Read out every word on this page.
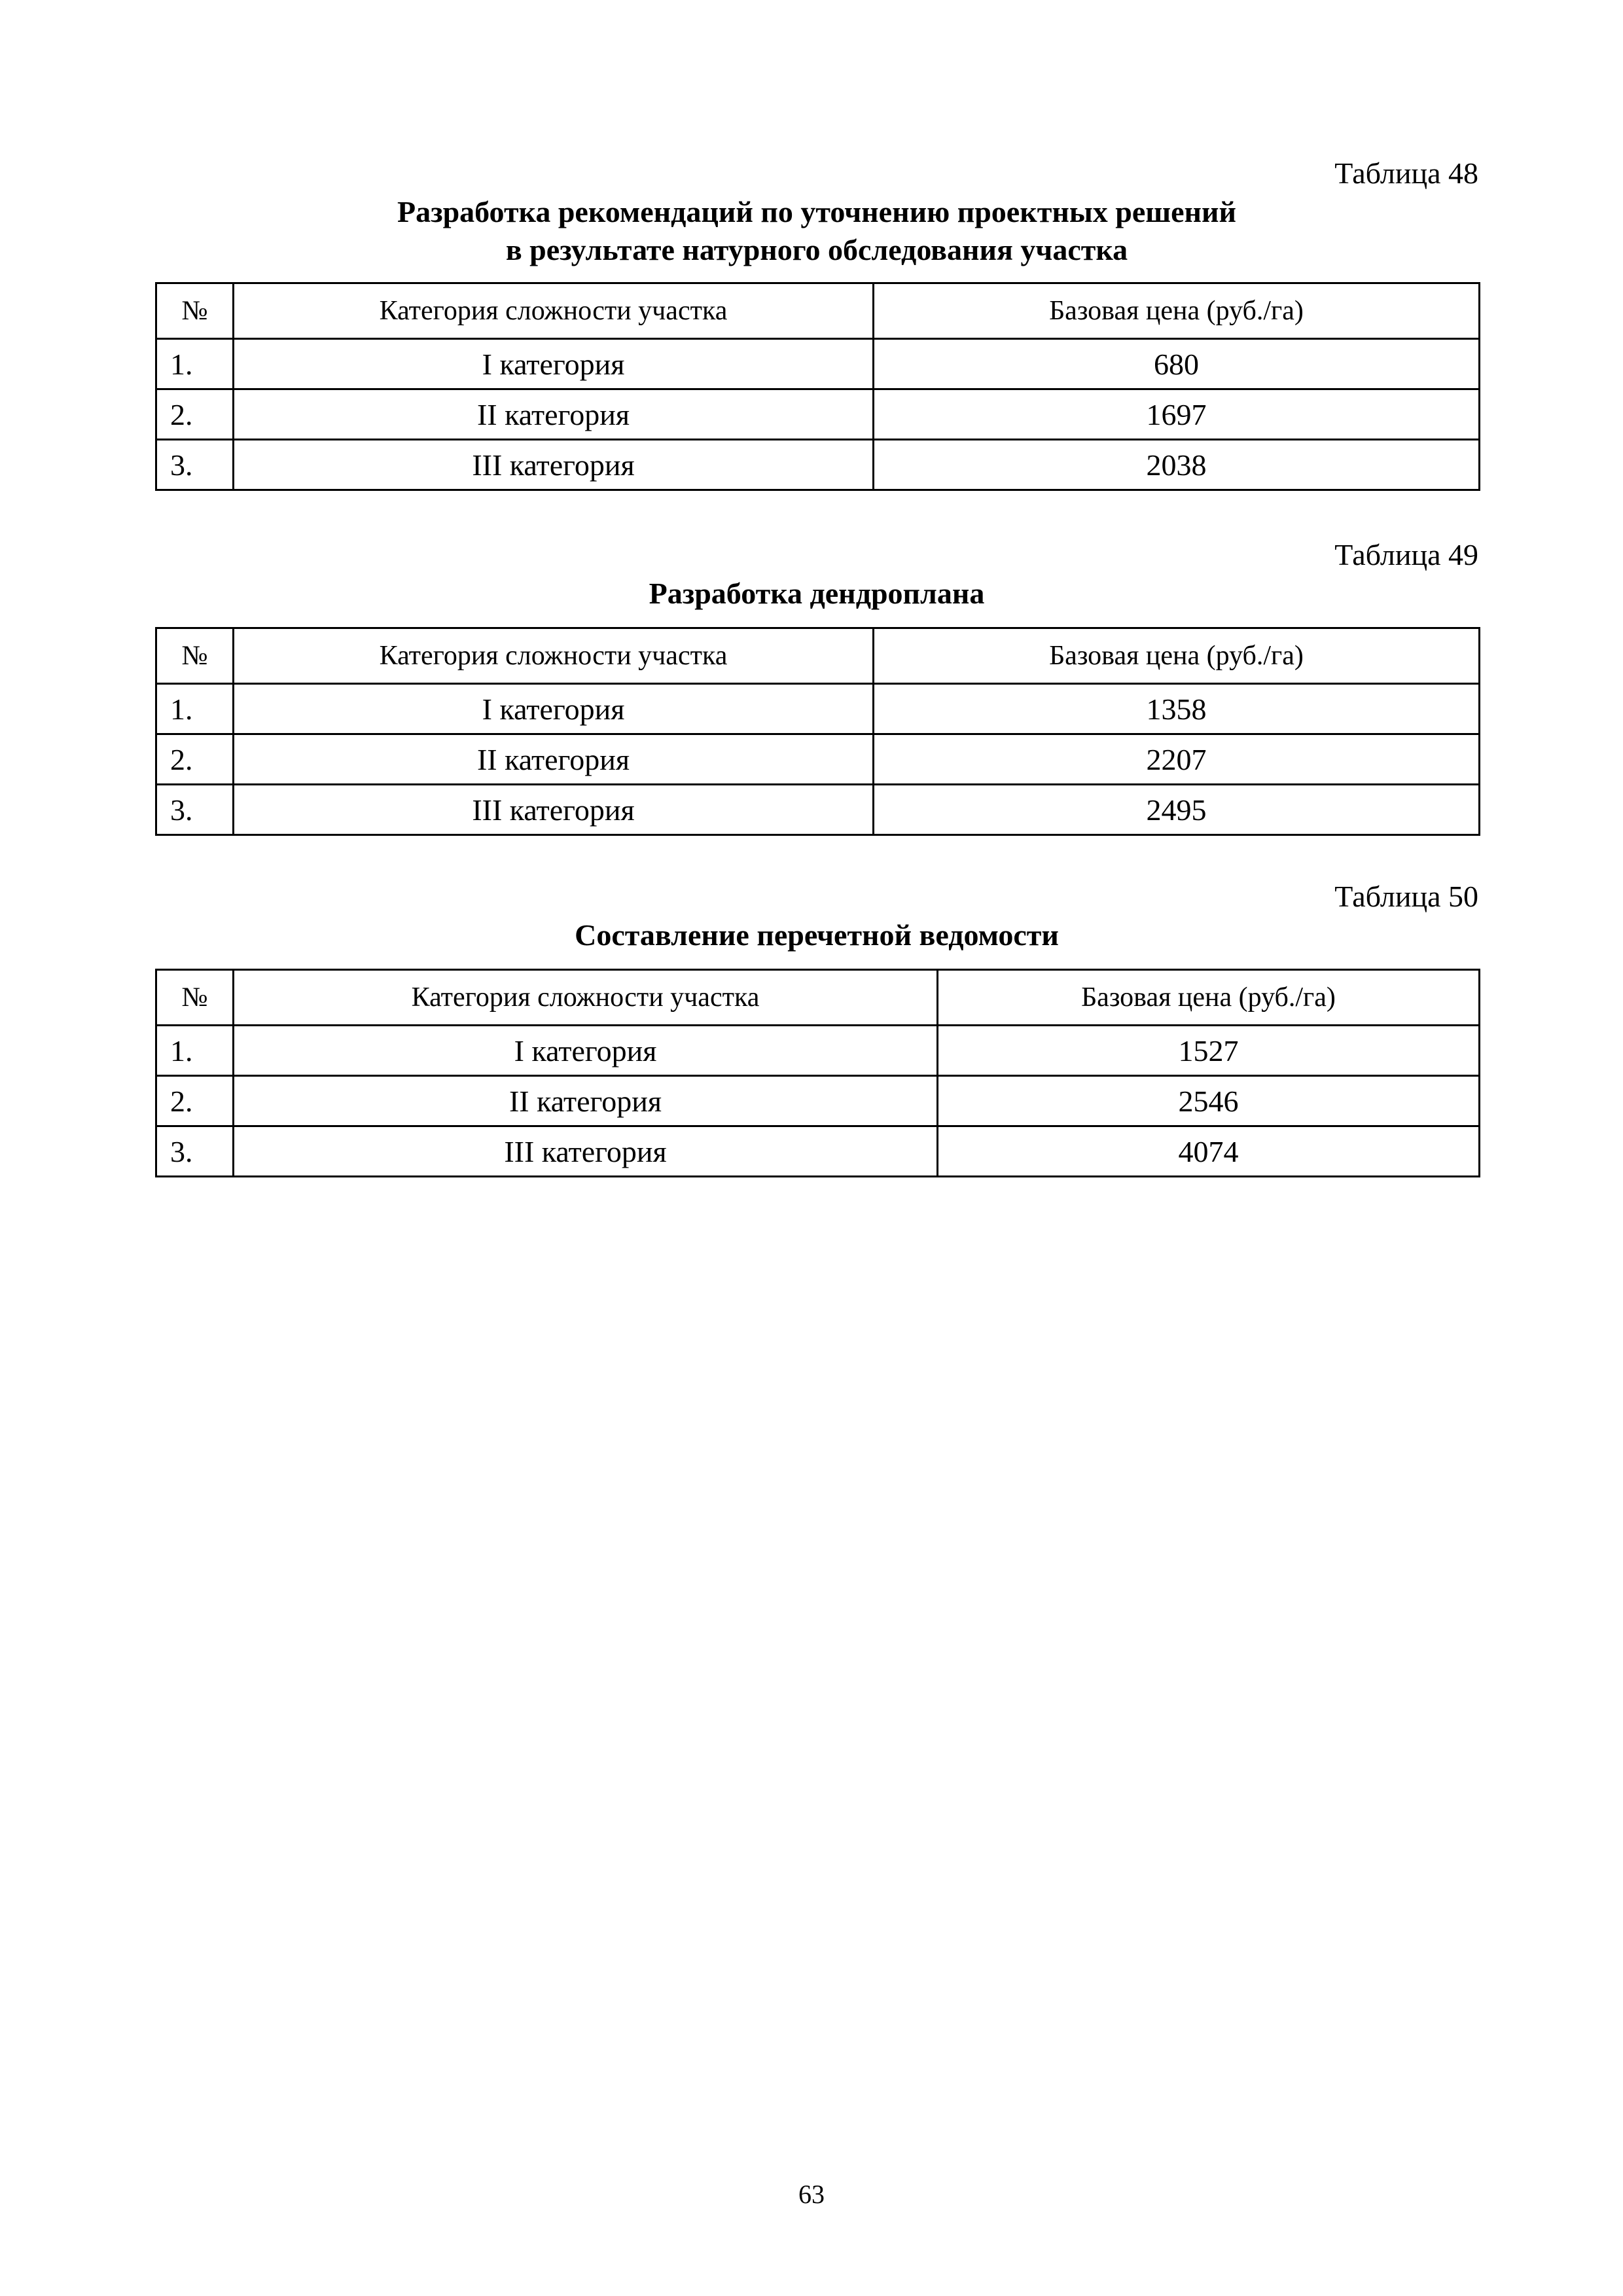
Таблица 48
Разработка рекомендаций по уточнению проектных решений
в результате натурного обследования участка
№	Категория сложности участка	Базовая цена (руб./га)
1.	I категория	680
2.	II категория	1697
3.	III категория	2038
Таблица 49
Разработка дендроплана
№	Категория сложности участка	Базовая цена (руб./га)
1.	I категория	1358
2.	II категория	2207
3.	III категория	2495
Таблица 50
Составление перечетной ведомости
№	Категория сложности участка	Базовая цена (руб./га)
1.	I категория	1527
2.	II категория	2546
3.	III категория	4074
63
